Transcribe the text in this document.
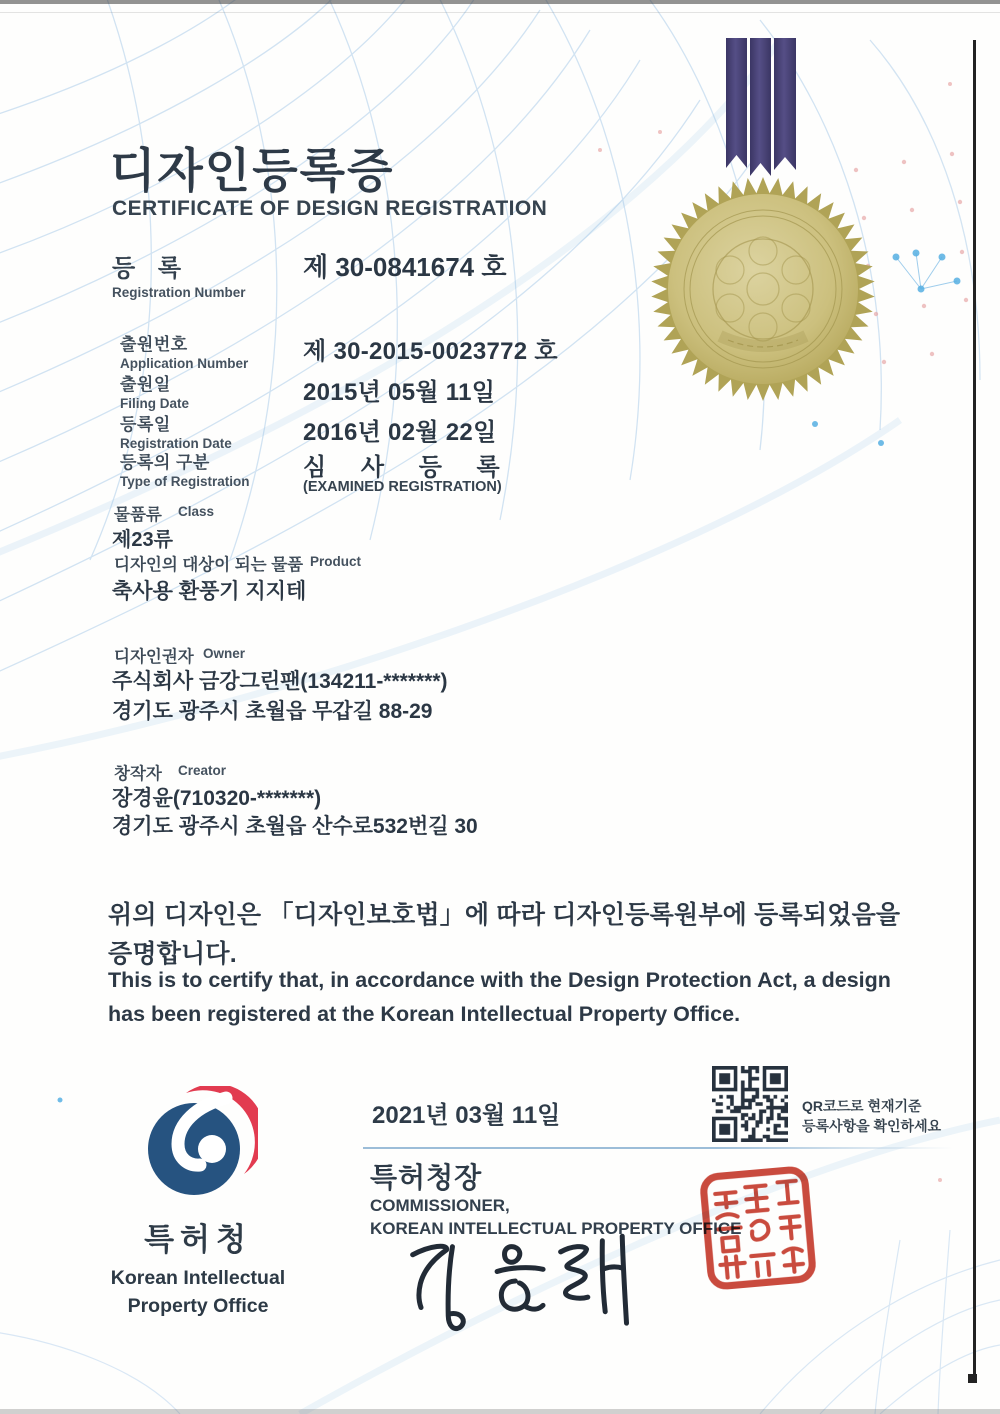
디자인등록증
CERTIFICATE OF DESIGN REGISTRATION
등 록
Registration Number
제 30-0841674 호
출원번호
Application Number 제 30-2015-0023772 호
출원일
Filing Date	2015년 05월 11일
등록일
Registration Date	2016년 02월 22일
등록의 구분
Type of Registration
심 사 등 록
(EXAMINED REGISTRATION)
물품류 Class
제23류
디자인의 대상이 되는 물품 Product
축사용 환풍기 지지테
디자인권자 Owner
주식회사 금강그린팬(134211-*******)
경기도 광주시 초월읍 무갑길 88-29
창작자 Creator
장경윤(710320-*******)
경기도 광주시 초월읍 산수로532번길 30
위의 디자인은 「디자인보호법」에 따라 디자인등록원부에 등록되었음을
증명합니다.
This is to certify that, in accordance with the Design Protection Act, a design
has been registered at the Korean Intellectual Property Office.
2021년 03월 11일	QR코드로 현재기준
등록사항을 확인하세요
특허청장
COMMISSIONER,
KOREAN INTELLECTUAL PROPERTY OFFICE
특허청
Korean Intellectual
Property Office
